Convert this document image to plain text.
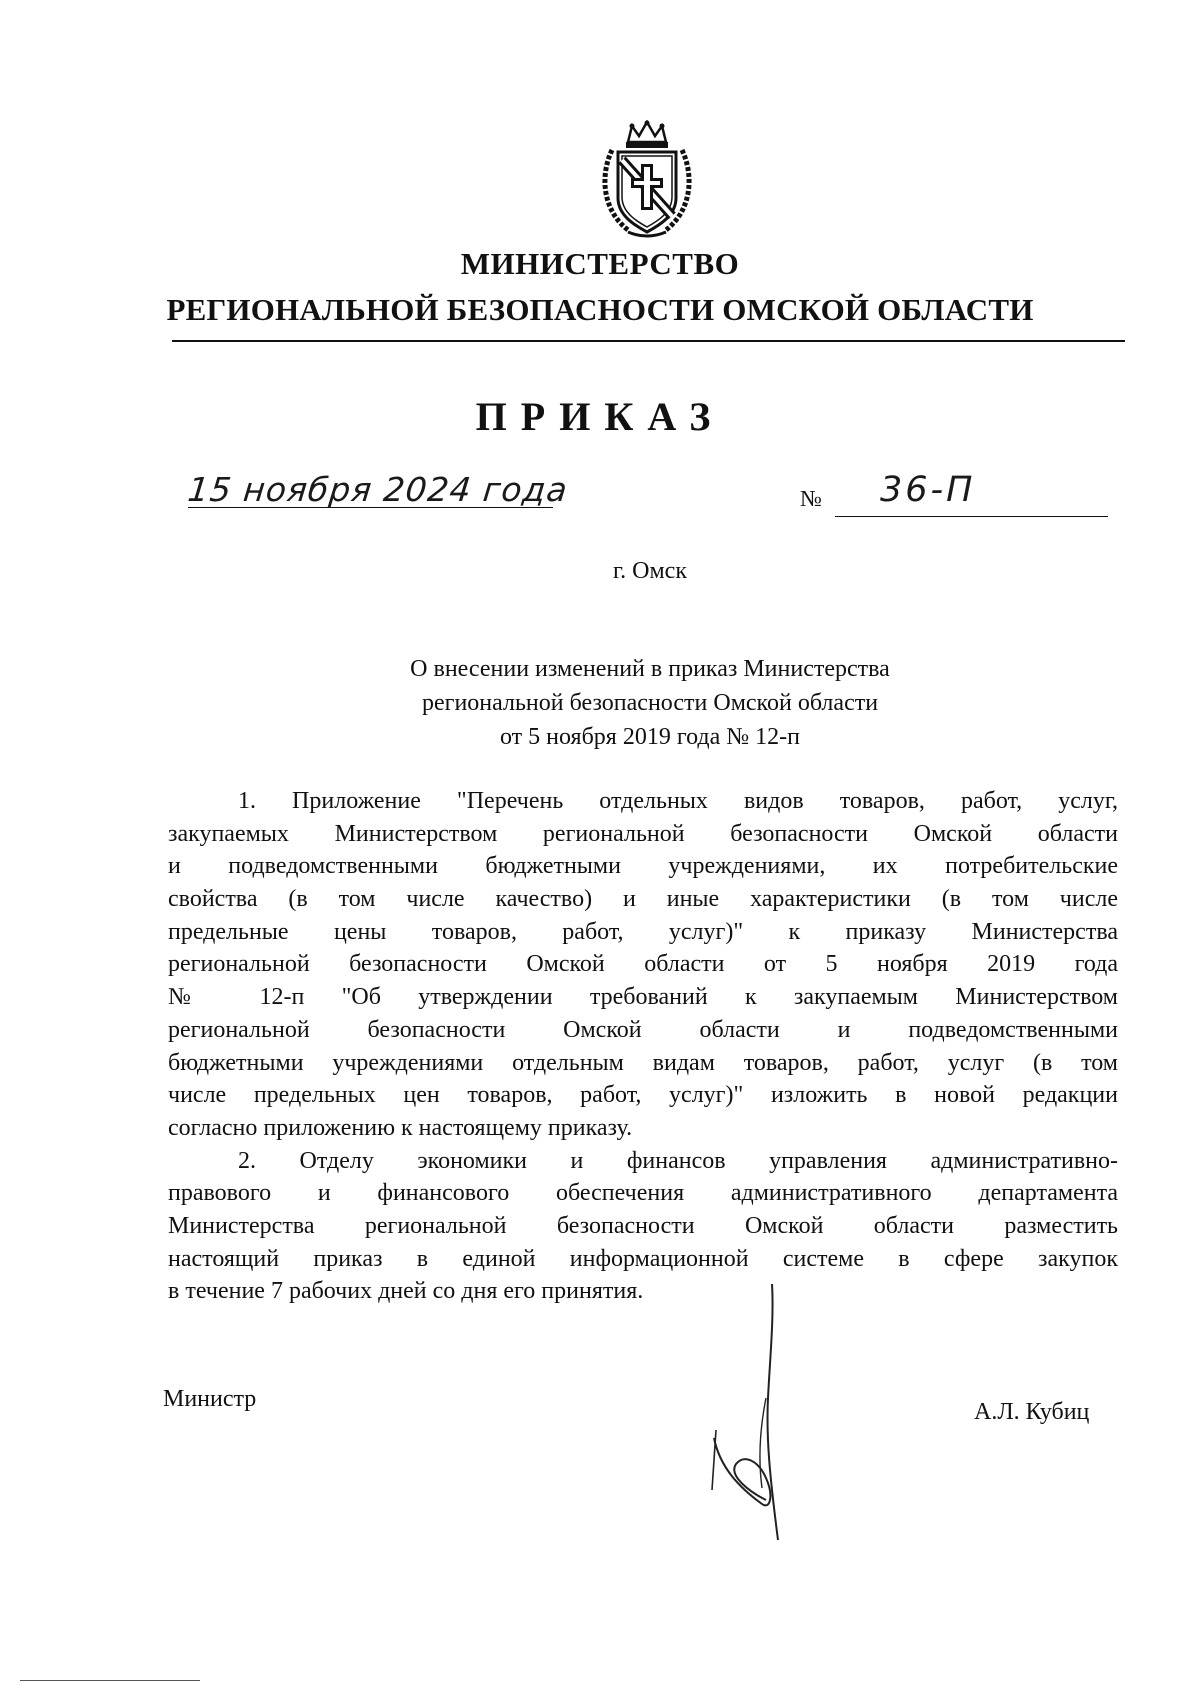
МИНИСТЕРСТВО
РЕГИОНАЛЬНОЙ БЕЗОПАСНОСТИ ОМСКОЙ ОБЛАСТИ
ПРИКАЗ
15 ноября 2024 года	№ 36-П
г. Омск
О внесении изменений в приказ Министерства
региональной безопасности Омской области
от 5 ноября 2019 года № 12-п
1. Приложение "Перечень отдельных видов товаров, работ, услуг,
закупаемых Министерством региональной безопасности Омской области
и подведомственными бюджетными учреждениями, их потребительские
свойства (в том числе качество) и иные характеристики (в том числе
предельные цены товаров, работ, услуг)" к приказу Министерства
региональной безопасности Омской области от 5 ноября 2019 года
№ 12-п "Об утверждении требований к закупаемым Министерством
региональной безопасности Омской области и подведомственными
бюджетными учреждениями отдельным видам товаров, работ, услуг (в том
числе предельных цен товаров, работ, услуг)" изложить в новой редакции
согласно приложению к настоящему приказу.
2. Отделу экономики и финансов управления административно-
правового и финансового обеспечения административного департамента
Министерства региональной безопасности Омской области разместить
настоящий приказ в единой информационной системе в сфере закупок
в течение 7 рабочих дней со дня его принятия.
Министр	А.Л. Кубиц
